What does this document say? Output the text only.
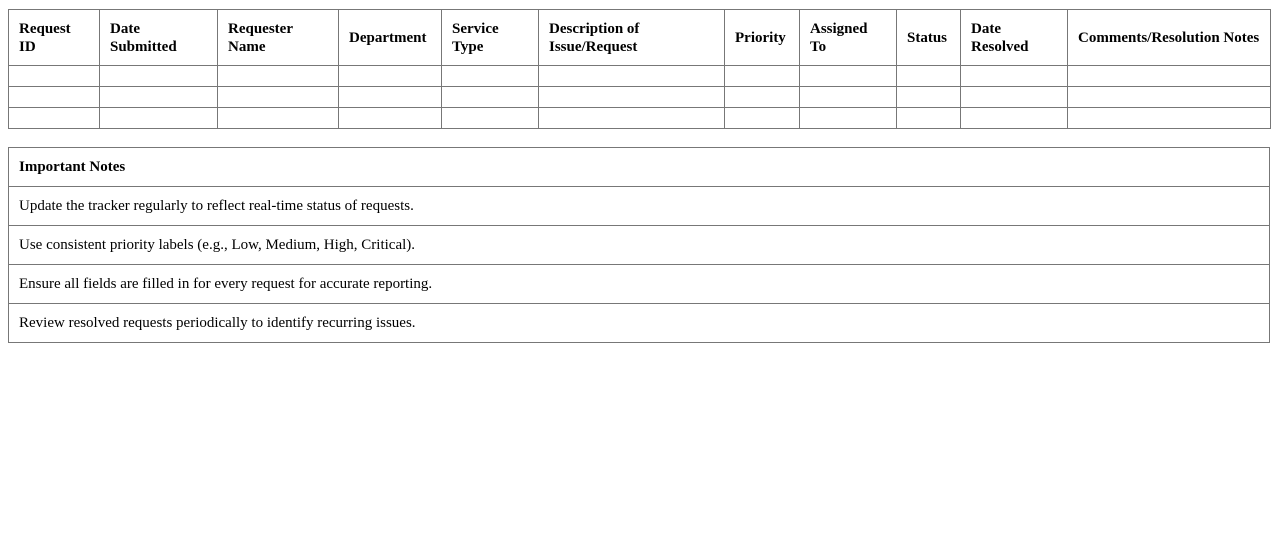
Request ID	Date Submitted	Requester Name	Department	Service Type	Description of Issue/Request	Priority	Assigned To	Status	Date Resolved	Comments/Resolution Notes

Important Notes
Update the tracker regularly to reflect real-time status of requests.
Use consistent priority labels (e.g., Low, Medium, High, Critical).
Ensure all fields are filled in for every request for accurate reporting.
Review resolved requests periodically to identify recurring issues.
